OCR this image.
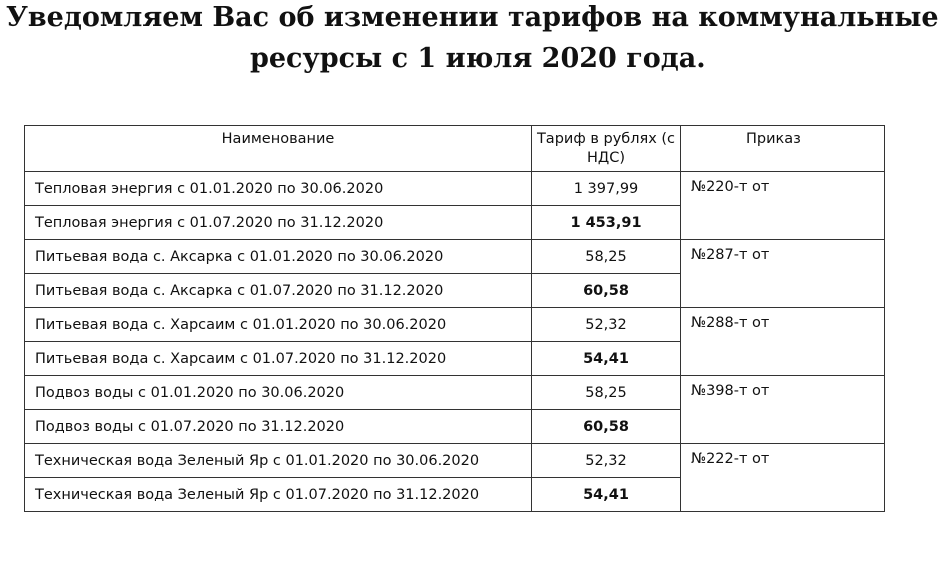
Уведомляем Вас об изменении тарифов на коммунальные
ресурсы с 1 июля 2020 года.
Наименование	Тариф в рублях (с НДС)	Приказ
Тепловая энергия с 01.01.2020 по 30.06.2020	1 397,99	№220-т от
Тепловая энергия с 01.07.2020 по 31.12.2020	1 453,91	
Питьевая вода с. Аксарка с 01.01.2020 по 30.06.2020	58,25	№287-т от
Питьевая вода с. Аксарка с 01.07.2020 по 31.12.2020	60,58	
Питьевая вода с. Харсаим с 01.01.2020 по 30.06.2020	52,32	№288-т от
Питьевая вода с. Харсаим с 01.07.2020 по 31.12.2020	54,41	
Подвоз воды с 01.01.2020 по 30.06.2020	58,25	№398-т от
Подвоз воды с 01.07.2020 по 31.12.2020	60,58	
Техническая вода Зеленый Яр с 01.01.2020 по 30.06.2020	52,32	№222-т от
Техническая вода Зеленый Яр с 01.07.2020 по 31.12.2020	54,41	
